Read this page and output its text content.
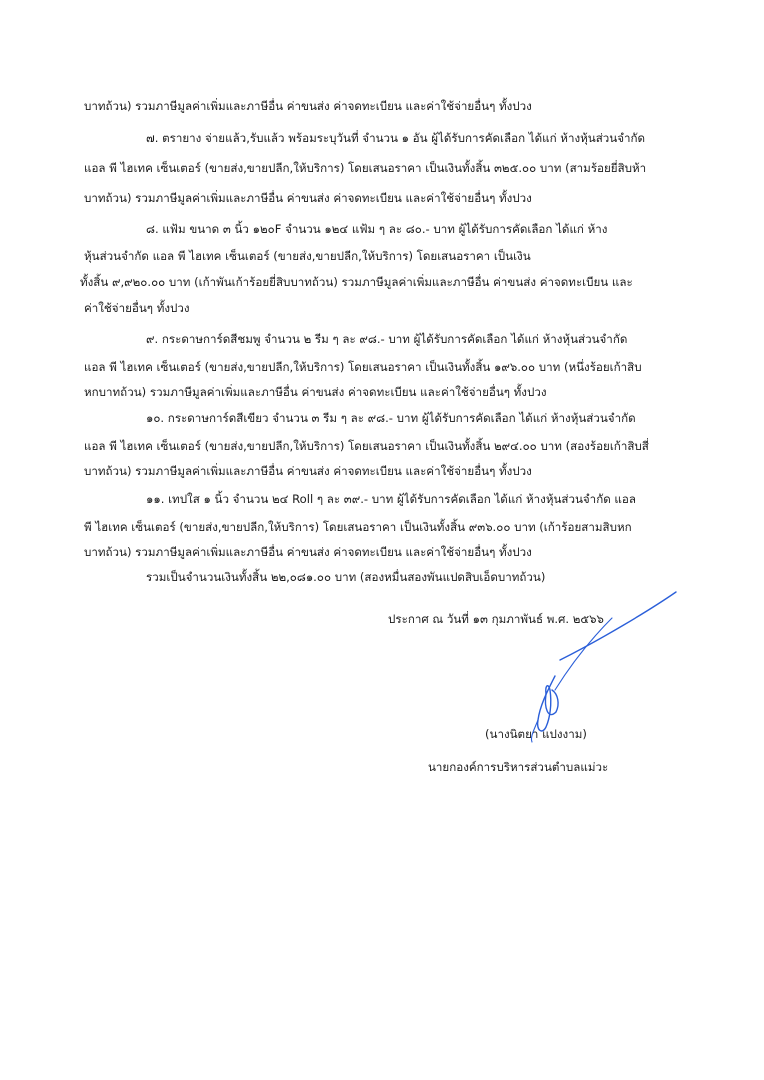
บาทถ้วน) รวมภาษีมูลค่าเพิ่มและภาษีอื่น ค่าขนส่ง ค่าจดทะเบียน และค่าใช้จ่ายอื่นๆ ทั้งปวง
๗. ตรายาง จ่ายแล้ว,รับแล้ว พร้อมระบุวันที่ จำนวน ๑ อัน ผู้ได้รับการคัดเลือก ได้แก่ ห้างหุ้นส่วนจำกัด
แอล พี ไฮเทค เซ็นเตอร์ (ขายส่ง,ขายปลีก,ให้บริการ) โดยเสนอราคา เป็นเงินทั้งสิ้น ๓๒๕.๐๐ บาท (สามร้อยยี่สิบห้า
บาทถ้วน) รวมภาษีมูลค่าเพิ่มและภาษีอื่น ค่าขนส่ง ค่าจดทะเบียน และค่าใช้จ่ายอื่นๆ ทั้งปวง
๘. แฟ้ม ขนาด ๓ นิ้ว ๑๒๐F จำนวน ๑๒๔ แฟ้ม ๆ ละ ๘๐.- บาท ผู้ได้รับการคัดเลือก ได้แก่ ห้าง
หุ้นส่วนจำกัด แอล พี ไฮเทค เซ็นเตอร์ (ขายส่ง,ขายปลีก,ให้บริการ) โดยเสนอราคา เป็นเงิน
ทั้งสิ้น ๙,๙๒๐.๐๐ บาท (เก้าพันเก้าร้อยยี่สิบบาทถ้วน) รวมภาษีมูลค่าเพิ่มและภาษีอื่น ค่าขนส่ง ค่าจดทะเบียน และ
ค่าใช้จ่ายอื่นๆ ทั้งปวง
๙. กระดาษการ์ดสีชมพู จำนวน ๒ รีม ๆ ละ ๙๘.- บาท ผู้ได้รับการคัดเลือก ได้แก่ ห้างหุ้นส่วนจำกัด
แอล พี ไฮเทค เซ็นเตอร์ (ขายส่ง,ขายปลีก,ให้บริการ) โดยเสนอราคา เป็นเงินทั้งสิ้น ๑๙๖.๐๐ บาท (หนึ่งร้อยเก้าสิบ
หกบาทถ้วน) รวมภาษีมูลค่าเพิ่มและภาษีอื่น ค่าขนส่ง ค่าจดทะเบียน และค่าใช้จ่ายอื่นๆ ทั้งปวง
๑๐. กระดาษการ์ดสีเขียว จำนวน ๓ รีม ๆ ละ ๙๘.- บาท ผู้ได้รับการคัดเลือก ได้แก่ ห้างหุ้นส่วนจำกัด
แอล พี ไฮเทค เซ็นเตอร์ (ขายส่ง,ขายปลีก,ให้บริการ) โดยเสนอราคา เป็นเงินทั้งสิ้น ๒๙๔.๐๐ บาท (สองร้อยเก้าสิบสี่
บาทถ้วน) รวมภาษีมูลค่าเพิ่มและภาษีอื่น ค่าขนส่ง ค่าจดทะเบียน และค่าใช้จ่ายอื่นๆ ทั้งปวง
๑๑. เทปใส ๑ นิ้ว จำนวน ๒๔ Roll ๆ ละ ๓๙.- บาท ผู้ได้รับการคัดเลือก ได้แก่ ห้างหุ้นส่วนจำกัด แอล
พี ไฮเทค เซ็นเตอร์ (ขายส่ง,ขายปลีก,ให้บริการ) โดยเสนอราคา เป็นเงินทั้งสิ้น ๙๓๖.๐๐ บาท (เก้าร้อยสามสิบหก
บาทถ้วน) รวมภาษีมูลค่าเพิ่มและภาษีอื่น ค่าขนส่ง ค่าจดทะเบียน และค่าใช้จ่ายอื่นๆ ทั้งปวง
รวมเป็นจำนวนเงินทั้งสิ้น ๒๒,๐๘๑.๐๐ บาท (สองหมื่นสองพันแปดสิบเอ็ดบาทถ้วน)
ประกาศ ณ วันที่ ๑๓ กุมภาพันธ์ พ.ศ. ๒๕๖๖
(นางนิตยา แปงงาม)
นายกองค์การบริหารส่วนตำบลแม่วะ
